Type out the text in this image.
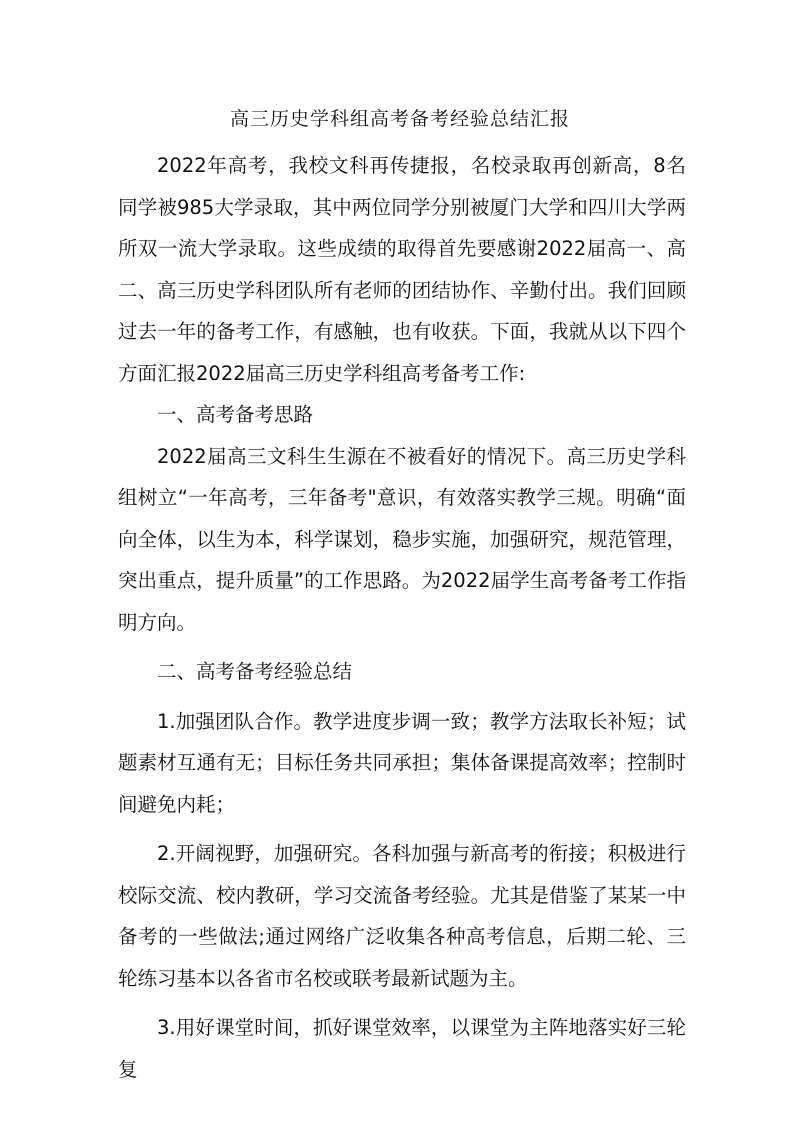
高三历史学科组高考备考经验总结汇报

2022年高考，我校文科再传捷报，名校录取再创新高，8名同学被985大学录取，其中两位同学分别被厦门大学和四川大学两所双一流大学录取。这些成绩的取得首先要感谢2022届高一、高二、高三历史学科团队所有老师的团结协作、辛勤付出。我们回顾过去一年的备考工作，有感触，也有收获。下面，我就从以下四个方面汇报2022届高三历史学科组高考备考工作:

一、高考备考思路

2022届高三文科生生源在不被看好的情况下。高三历史学科组树立“一年高考，三年备考"意识，有效落实教学三规。明确“面向全体，以生为本，科学谋划，稳步实施，加强研究，规范管理，突出重点，提升质量”的工作思路。为2022届学生高考备考工作指明方向。

二、高考备考经验总结

1.加强团队合作。教学进度步调一致；教学方法取长补短；试题素材互通有无；目标任务共同承担；集体备课提高效率；控制时间避免内耗；

2.开阔视野，加强研究。各科加强与新高考的衔接；积极进行校际交流、校内教研，学习交流备考经验。尤其是借鉴了某某一中备考的一些做法;通过网络广泛收集各种高考信息，后期二轮、三轮练习基本以各省市名校或联考最新试题为主。

3.用好课堂时间，抓好课堂效率，以课堂为主阵地落实好三轮复
